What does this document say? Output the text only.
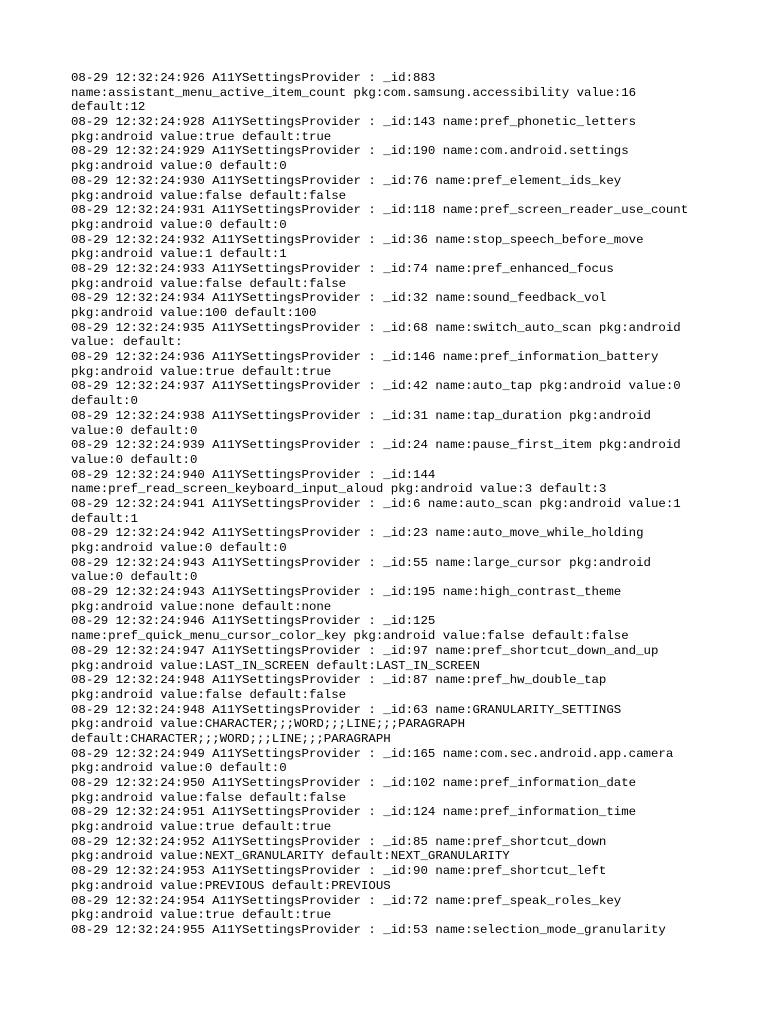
08-29 12:32:24:926 A11YSettingsProvider : _id:883
name:assistant_menu_active_item_count pkg:com.samsung.accessibility value:16
default:12
08-29 12:32:24:928 A11YSettingsProvider : _id:143 name:pref_phonetic_letters
pkg:android value:true default:true
08-29 12:32:24:929 A11YSettingsProvider : _id:190 name:com.android.settings
pkg:android value:0 default:0
08-29 12:32:24:930 A11YSettingsProvider : _id:76 name:pref_element_ids_key
pkg:android value:false default:false
08-29 12:32:24:931 A11YSettingsProvider : _id:118 name:pref_screen_reader_use_count
pkg:android value:0 default:0
08-29 12:32:24:932 A11YSettingsProvider : _id:36 name:stop_speech_before_move
pkg:android value:1 default:1
08-29 12:32:24:933 A11YSettingsProvider : _id:74 name:pref_enhanced_focus
pkg:android value:false default:false
08-29 12:32:24:934 A11YSettingsProvider : _id:32 name:sound_feedback_vol
pkg:android value:100 default:100
08-29 12:32:24:935 A11YSettingsProvider : _id:68 name:switch_auto_scan pkg:android
value: default:
08-29 12:32:24:936 A11YSettingsProvider : _id:146 name:pref_information_battery
pkg:android value:true default:true
08-29 12:32:24:937 A11YSettingsProvider : _id:42 name:auto_tap pkg:android value:0
default:0
08-29 12:32:24:938 A11YSettingsProvider : _id:31 name:tap_duration pkg:android
value:0 default:0
08-29 12:32:24:939 A11YSettingsProvider : _id:24 name:pause_first_item pkg:android
value:0 default:0
08-29 12:32:24:940 A11YSettingsProvider : _id:144
name:pref_read_screen_keyboard_input_aloud pkg:android value:3 default:3
08-29 12:32:24:941 A11YSettingsProvider : _id:6 name:auto_scan pkg:android value:1
default:1
08-29 12:32:24:942 A11YSettingsProvider : _id:23 name:auto_move_while_holding
pkg:android value:0 default:0
08-29 12:32:24:943 A11YSettingsProvider : _id:55 name:large_cursor pkg:android
value:0 default:0
08-29 12:32:24:943 A11YSettingsProvider : _id:195 name:high_contrast_theme
pkg:android value:none default:none
08-29 12:32:24:946 A11YSettingsProvider : _id:125
name:pref_quick_menu_cursor_color_key pkg:android value:false default:false
08-29 12:32:24:947 A11YSettingsProvider : _id:97 name:pref_shortcut_down_and_up
pkg:android value:LAST_IN_SCREEN default:LAST_IN_SCREEN
08-29 12:32:24:948 A11YSettingsProvider : _id:87 name:pref_hw_double_tap
pkg:android value:false default:false
08-29 12:32:24:948 A11YSettingsProvider : _id:63 name:GRANULARITY_SETTINGS
pkg:android value:CHARACTER;;;WORD;;;LINE;;;PARAGRAPH
default:CHARACTER;;;WORD;;;LINE;;;PARAGRAPH
08-29 12:32:24:949 A11YSettingsProvider : _id:165 name:com.sec.android.app.camera
pkg:android value:0 default:0
08-29 12:32:24:950 A11YSettingsProvider : _id:102 name:pref_information_date
pkg:android value:false default:false
08-29 12:32:24:951 A11YSettingsProvider : _id:124 name:pref_information_time
pkg:android value:true default:true
08-29 12:32:24:952 A11YSettingsProvider : _id:85 name:pref_shortcut_down
pkg:android value:NEXT_GRANULARITY default:NEXT_GRANULARITY
08-29 12:32:24:953 A11YSettingsProvider : _id:90 name:pref_shortcut_left
pkg:android value:PREVIOUS default:PREVIOUS
08-29 12:32:24:954 A11YSettingsProvider : _id:72 name:pref_speak_roles_key
pkg:android value:true default:true
08-29 12:32:24:955 A11YSettingsProvider : _id:53 name:selection_mode_granularity
